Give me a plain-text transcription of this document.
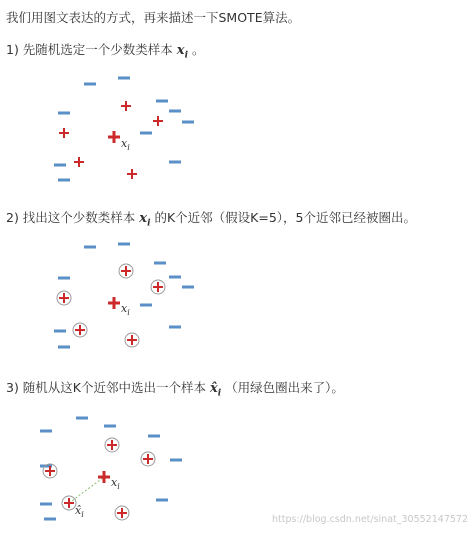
我们用图文表达的方式，再来描述一下SMOTE算法。
1) 先随机选定一个少数类样本 $x_i$ 。
2) 找出这个少数类样本 $x_i$ 的K个近邻（假设K=5），5个近邻已经被圈出。
3) 随机从这K个近邻中选出一个样本 $x̂_i$ （用绿色圈出来了）。
$x_i$
$x_i$
$x_i$
$x̂_i$	https://blog.csdn.net/sinat_30552147572
